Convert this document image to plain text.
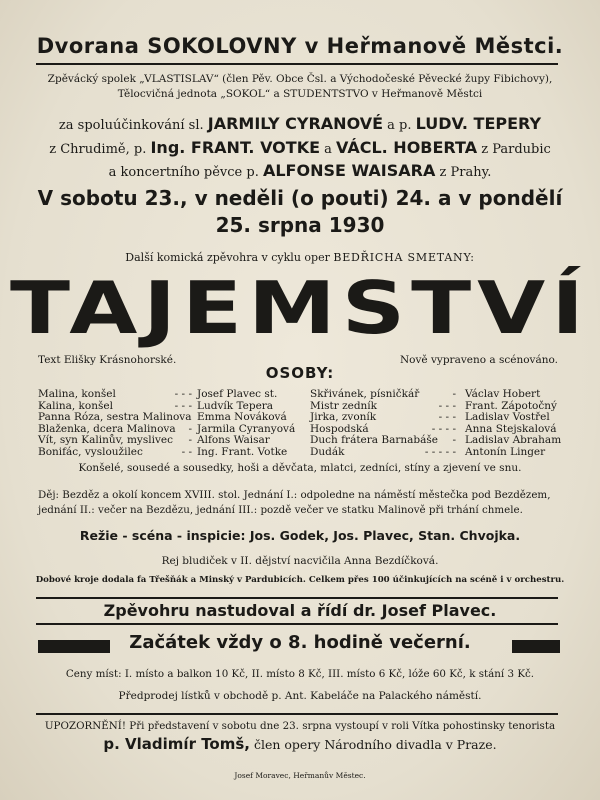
Dvorana SOKOLOVNY v Heřmanově Městci.
Zpěvácký spolek „VLASTISLAV“ (člen Pěv. Obce Čsl. a Východočeské Pěvecké župy Fibichovy),
Tělocvičná jednota „SOKOL“ a STUDENTSTVO v Heřmanově Městci
za spoluúčinkování sl. JARMILY CYRANOVÉ a p. LUDV. TEPERY
z Chrudimě, p. Ing. FRANT. VOTKE a VÁCL. HOBERTA z Pardubic
a koncertního pěvce p. ALFONSE WAISARA z Prahy.
V sobotu 23., v neděli (o pouti) 24. a v pondělí
25. srpna 1930
Další komická zpěvohra v cyklu oper BEDŘICHA SMETANY:
TAJEMSTVÍ
Text Elišky Krásnohorské.	Nově vypraveno a scénováno.
OSOBY:
Malina, konšel
Kalina, konšel
Panna Róza, sestra Malinova
Blaženka, dcera Malinova
Vít, syn Kalinův, myslivec
Bonifác, vysloužilec
- - -
- - -
-
-
- -
Josef Plavec st.
Ludvík Tepera
Emma Nováková
Jarmila Cyranyová
Alfons Waisar
Ing. Frant. Votke
Skřivánek, písničkář
Mistr zedník
Jirka, zvoník
Hospodská
Duch frátera Barnabáše
Dudák
-
- - -
- - -
- - - -
-
- - - - -
Václav Hobert
Frant. Zápotočný
Ladislav Vostřel
Anna Stejskalová
Ladislav Abraham
Antonín Linger
Konšelé, sousedé a sousedky, hoši a děvčata, mlatci, zedníci, stíny a zjevení ve snu.
Děj: Bezděz a okolí koncem XVIII. stol. Jednání I.: odpoledne na náměstí městečka pod Bezdězem,
jednání II.: večer na Bezdězu, jednání III.: pozdě večer ve statku Malinově při trhání chmele.
Režie - scéna - inspicie: Jos. Godek, Jos. Plavec, Stan. Chvojka.
Rej bludiček v II. dějství nacvičila Anna Bezdíčková.
Dobové kroje dodala fa Třešňák a Minský v Pardubicích. Celkem přes 100 účinkujících na scéně i v orchestru.
Zpěvohru nastudoval a řídí dr. Josef Plavec.
Začátek vždy o 8. hodině večerní.
Ceny míst: I. místo a balkon 10 Kč, II. místo 8 Kč, III. místo 6 Kč, lóže 60 Kč, k stání 3 Kč.
Předprodej lístků v obchodě p. Ant. Kabeláče na Palackého náměstí.
UPOZORNĚNÍ! Při představení v sobotu dne 23. srpna vystoupí v roli Vítka pohostinsky tenorista
p. Vladimír Tomš, člen opery Národního divadla v Praze.
Josef Moravec, Heřmanův Městec.
